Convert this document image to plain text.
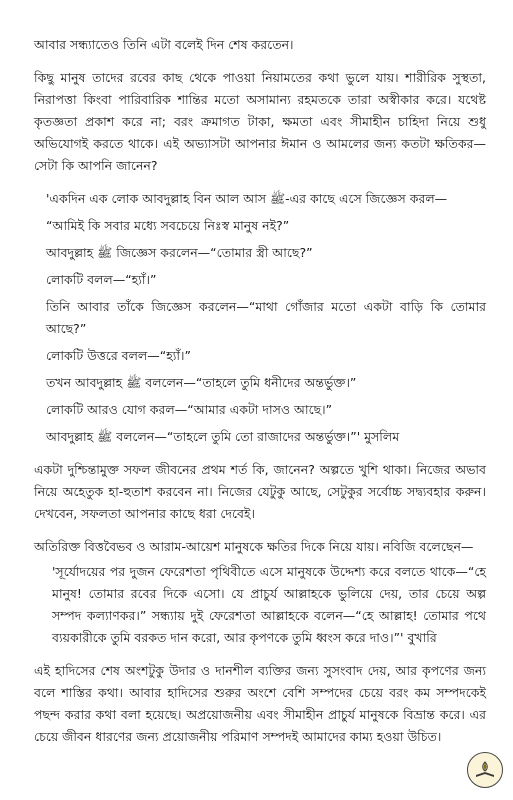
আবার সন্ধ্যাতেও তিনি এটা বলেই দিন শেষ করতেন।

কিছু মানুষ তাদের রবের কাছ থেকে পাওয়া নিয়ামতের কথা ভুলে যায়। শারীরিক সুস্থতা, নিরাপত্তা কিংবা পারিবারিক শান্তির মতো অসামান্য রহমতকে তারা অস্বীকার করে। যথেষ্ট কৃতজ্ঞতা প্রকাশ করে না; বরং ক্রমাগত টাকা, ক্ষমতা এবং সীমাহীন চাহিদা নিয়ে শুধু অভিযোগই করতে থাকে। এই অভ্যাসটা আপনার ঈমান ও আমলের জন্য কতটা ক্ষতিকর—সেটা কি আপনি জানেন?

'একদিন এক লোক আবদুল্লাহ বিন আল আস ﷺ-এর কাছে এসে জিজ্ঞেস করল—

“আমিই কি সবার মধ্যে সবচেয়ে নিঃস্ব মানুষ নই?”

আবদুল্লাহ ﷺ জিজ্ঞেস করলেন—“তোমার স্ত্রী আছে?”

লোকটি বলল—“হ্যাঁ।”

তিনি আবার তাঁকে জিজ্ঞেস করলেন—“মাথা গোঁজার মতো একটা বাড়ি কি তোমার আছে?”

লোকটি উত্তরে বলল—“হ্যাঁ।”

তখন আবদুল্লাহ ﷺ বললেন—“তাহলে তুমি ধনীদের অন্তর্ভুক্ত।”

লোকটি আরও যোগ করল—“আমার একটা দাসও আছে।”

আবদুল্লাহ ﷺ বললেন—“তাহলে তুমি তো রাজাদের অন্তর্ভুক্ত।”' মুসলিম

একটা দুশ্চিন্তামুক্ত সফল জীবনের প্রথম শর্ত কি, জানেন? অল্পতে খুশি থাকা। নিজের অভাব নিয়ে অহেতুক হা-হুতাশ করবেন না। নিজের যেটুকু আছে, সেটুকুর সর্বোচ্চ সদ্ব্যবহার করুন। দেখবেন, সফলতা আপনার কাছে ধরা দেবেই।

অতিরিক্ত বিত্তবৈভব ও আরাম-আয়েশ মানুষকে ক্ষতির দিকে নিয়ে যায়। নবিজি বলেছেন—

'সূর্যোদয়ের পর দুজন ফেরেশতা পৃথিবীতে এসে মানুষকে উদ্দেশ্য করে বলতে থাকে—“হে মানুষ! তোমার রবের দিকে এসো। যে প্রাচুর্য আল্লাহকে ভুলিয়ে দেয়, তার চেয়ে অল্প সম্পদ কল্যাণকর।” সন্ধ্যায় দুই ফেরেশতা আল্লাহকে বলেন—“হে আল্লাহ! তোমার পথে ব্যয়কারীকে তুমি বরকত দান করো, আর কৃপণকে তুমি ধ্বংস করে দাও।”' বুখারি

এই হাদিসের শেষ অংশটুকু উদার ও দানশীল ব্যক্তির জন্য সুসংবাদ দেয়, আর কৃপণের জন্য বলে শাস্তির কথা। আবার হাদিসের শুরুর অংশে বেশি সম্পদের চেয়ে বরং কম সম্পদকেই পছন্দ করার কথা বলা হয়েছে। অপ্রয়োজনীয় এবং সীমাহীন প্রাচুর্য মানুষকে বিভ্রান্ত করে। এর চেয়ে জীবন ধারণের জন্য প্রয়োজনীয় পরিমাণ সম্পদই আমাদের কাম্য হওয়া উচিত।
